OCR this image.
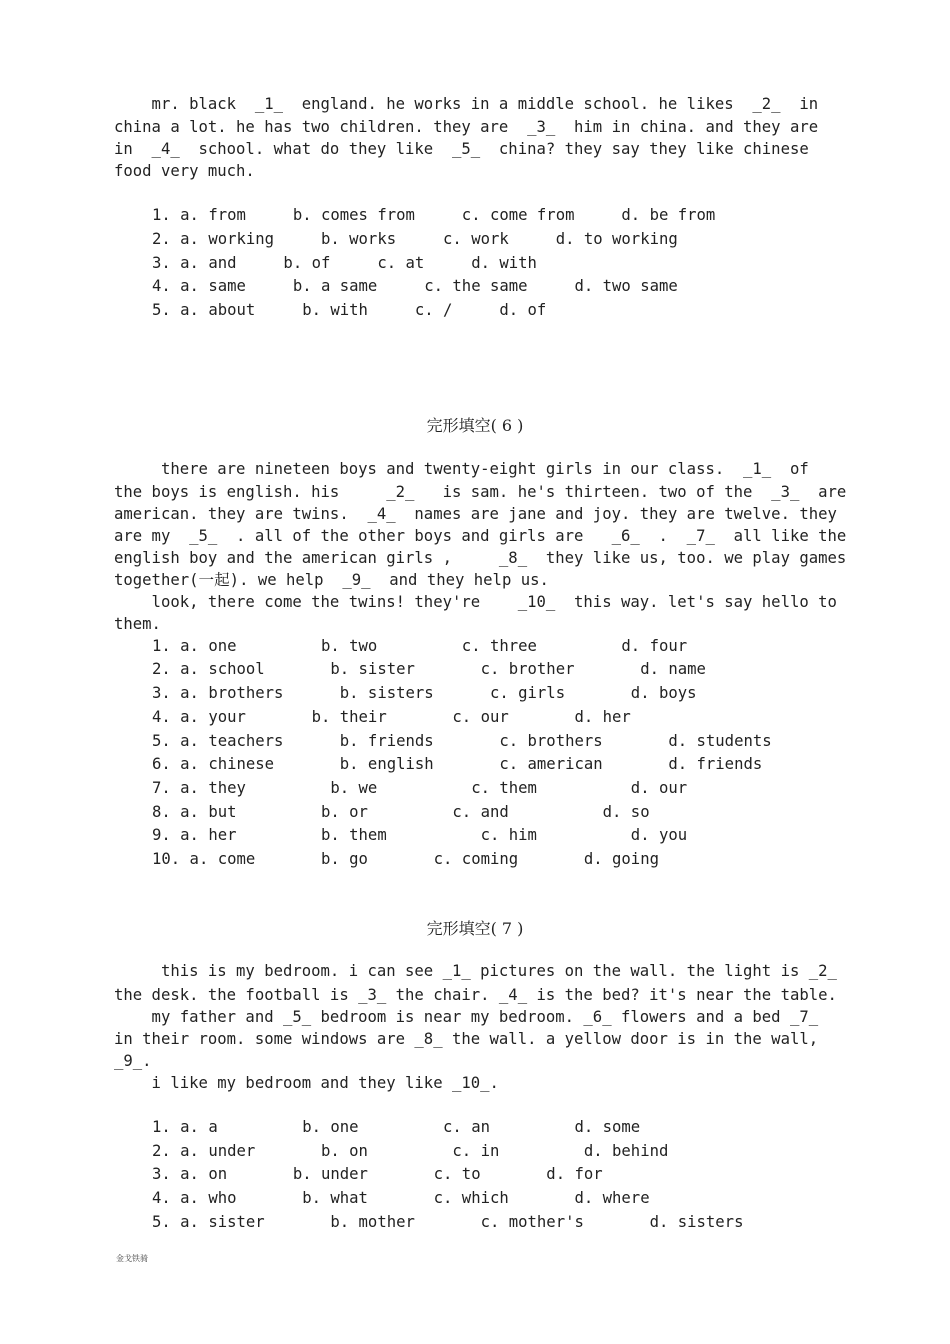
mr. black  _1_  england. he works in a middle school. he likes  _2_  in
china a lot. he has two children. they are  _3_  him in china. and they are
in  _4_  school. what do they like  _5_  china? they say they like chinese
food very much.
1. a. from     b. comes from     c. come from     d. be from
2. a. working     b. works     c. work     d. to working
3. a. and     b. of     c. at     d. with
4. a. same     b. a same     c. the same     d. two same
5. a. about     b. with     c. /     d. of
there are nineteen boys and twenty-eight girls in our class.  _1_  of
the boys is english. his     _2_   is sam. he's thirteen. two of the  _3_  are
american. they are twins.  _4_  names are jane and joy. they are twelve. they
are my  _5_  . all of the other boys and girls are   _6_  .  _7_  all like the
english boy and the american girls ,     _8_  they like us, too. we play games
together(一起). we help  _9_  and they help us.
look, there come the twins! they're    _10_  this way. let's say hello to
them.
1. a. one         b. two         c. three         d. four
2. a. school       b. sister       c. brother       d. name
3. a. brothers      b. sisters      c. girls       d. boys
4. a. your       b. their       c. our       d. her
5. a. teachers      b. friends       c. brothers       d. students
6. a. chinese       b. english       c. american       d. friends
7. a. they         b. we          c. them          d. our
8. a. but         b. or         c. and          d. so
9. a. her         b. them          c. him          d. you
10. a. come       b. go       c. coming       d. going
this is my bedroom. i can see _1_ pictures on the wall. the light is _2_
the desk. the football is _3_ the chair. _4_ is the bed? it's near the table.
my father and _5_ bedroom is near my bedroom. _6_ flowers and a bed _7_
in their room. some windows are _8_ the wall. a yellow door is in the wall,
_9_.
i like my bedroom and they like _10_.
1. a. a         b. one         c. an         d. some
2. a. under       b. on         c. in         d. behind
3. a. on       b. under       c. to       d. for
4. a. who       b. what       c. which       d. where
5. a. sister       b. mother       c. mother's       d. sisters
完形填空( 6 )
完形填空( 7 )
金戈铁骑
